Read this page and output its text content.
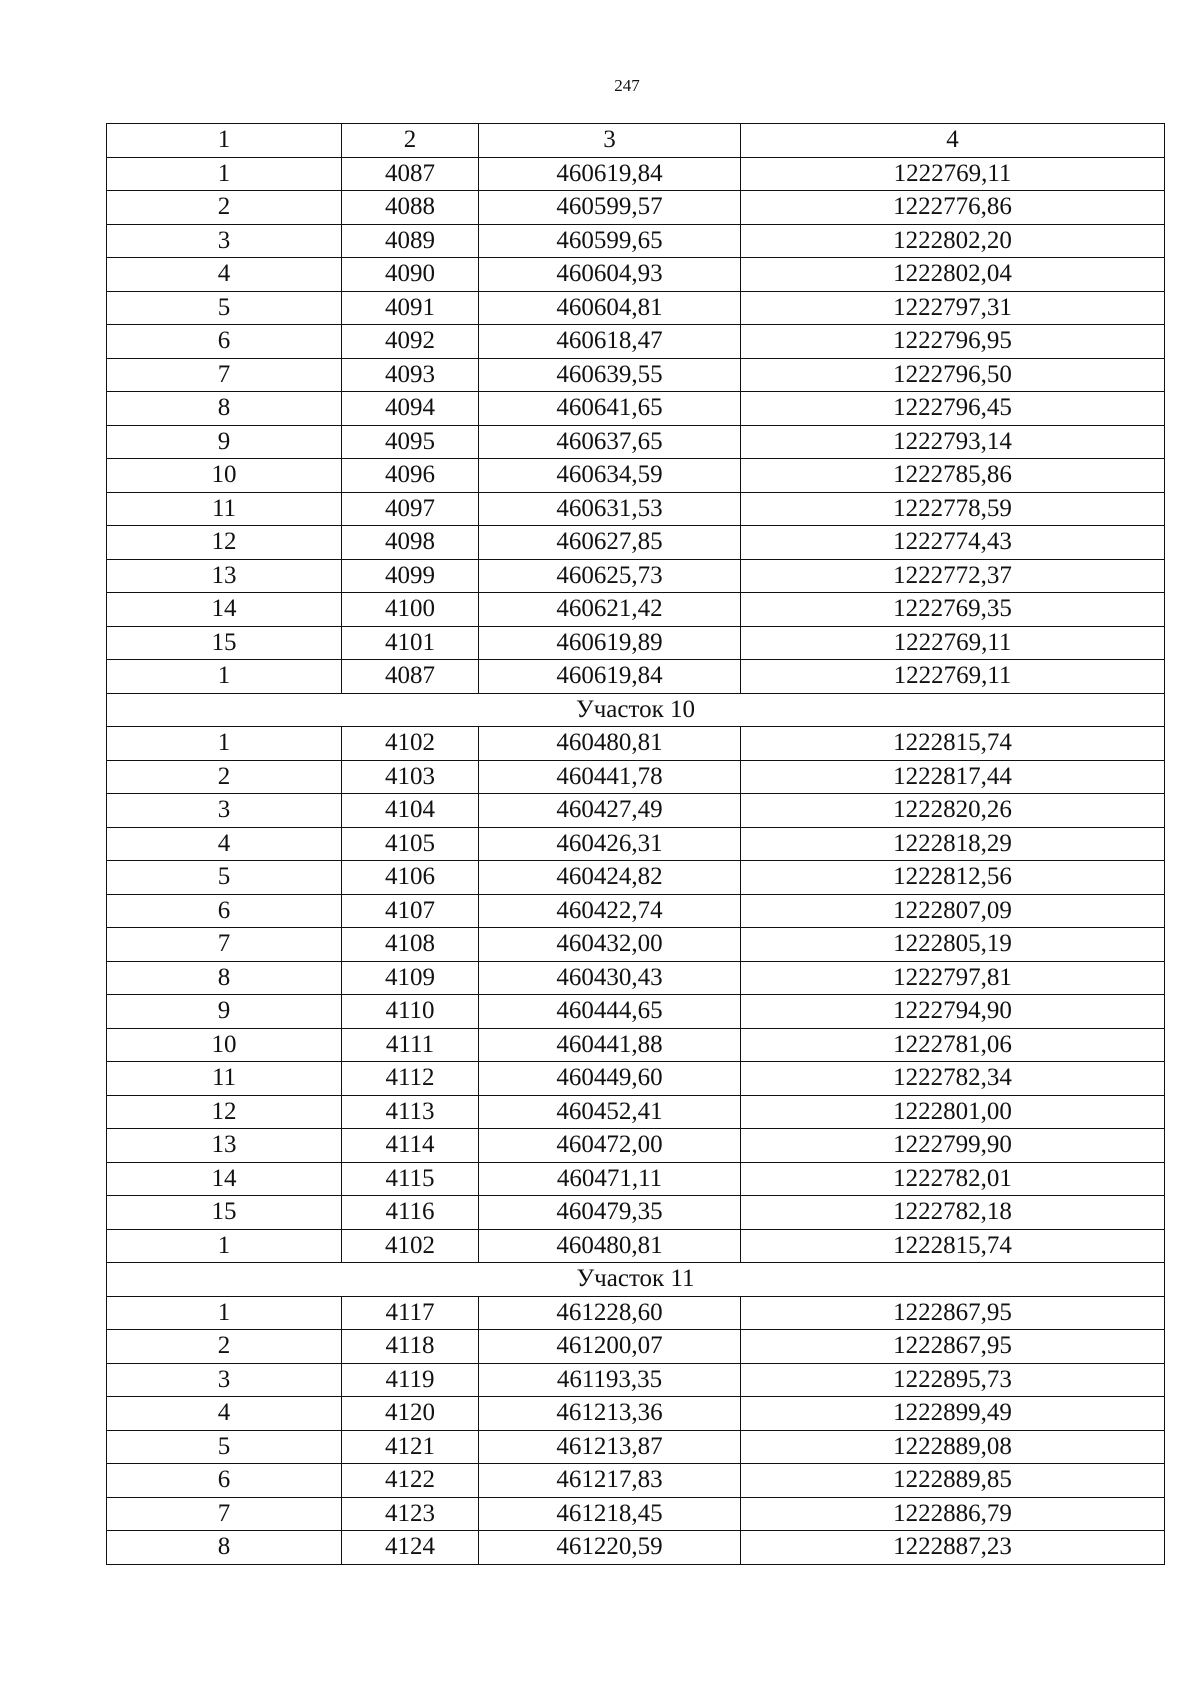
247
1	2	3	4
1	4087	460619,84	1222769,11
2	4088	460599,57	1222776,86
3	4089	460599,65	1222802,20
4	4090	460604,93	1222802,04
5	4091	460604,81	1222797,31
6	4092	460618,47	1222796,95
7	4093	460639,55	1222796,50
8	4094	460641,65	1222796,45
9	4095	460637,65	1222793,14
10	4096	460634,59	1222785,86
11	4097	460631,53	1222778,59
12	4098	460627,85	1222774,43
13	4099	460625,73	1222772,37
14	4100	460621,42	1222769,35
15	4101	460619,89	1222769,11
1	4087	460619,84	1222769,11
Участок 10			
1	4102	460480,81	1222815,74
2	4103	460441,78	1222817,44
3	4104	460427,49	1222820,26
4	4105	460426,31	1222818,29
5	4106	460424,82	1222812,56
6	4107	460422,74	1222807,09
7	4108	460432,00	1222805,19
8	4109	460430,43	1222797,81
9	4110	460444,65	1222794,90
10	4111	460441,88	1222781,06
11	4112	460449,60	1222782,34
12	4113	460452,41	1222801,00
13	4114	460472,00	1222799,90
14	4115	460471,11	1222782,01
15	4116	460479,35	1222782,18
1	4102	460480,81	1222815,74
Участок 11			
1	4117	461228,60	1222867,95
2	4118	461200,07	1222867,95
3	4119	461193,35	1222895,73
4	4120	461213,36	1222899,49
5	4121	461213,87	1222889,08
6	4122	461217,83	1222889,85
7	4123	461218,45	1222886,79
8	4124	461220,59	1222887,23
